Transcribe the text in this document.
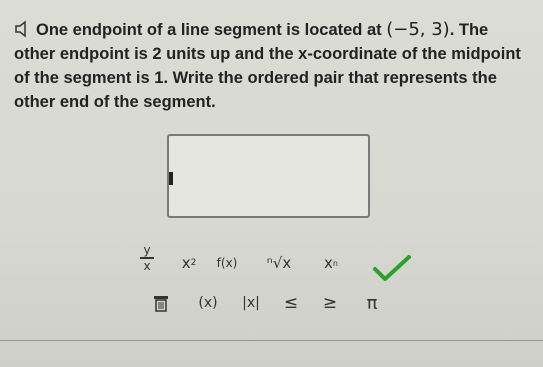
One endpoint of a line segment is located at (−5, 3). The other endpoint is 2 units up and the x-coordinate of the midpoint of the segment is 1. Write the ordered pair that represents the other end of the segment.
y
x x 2	f(x)	ⁿ√x	x n
(x)	|x|	≤ ≥	π
